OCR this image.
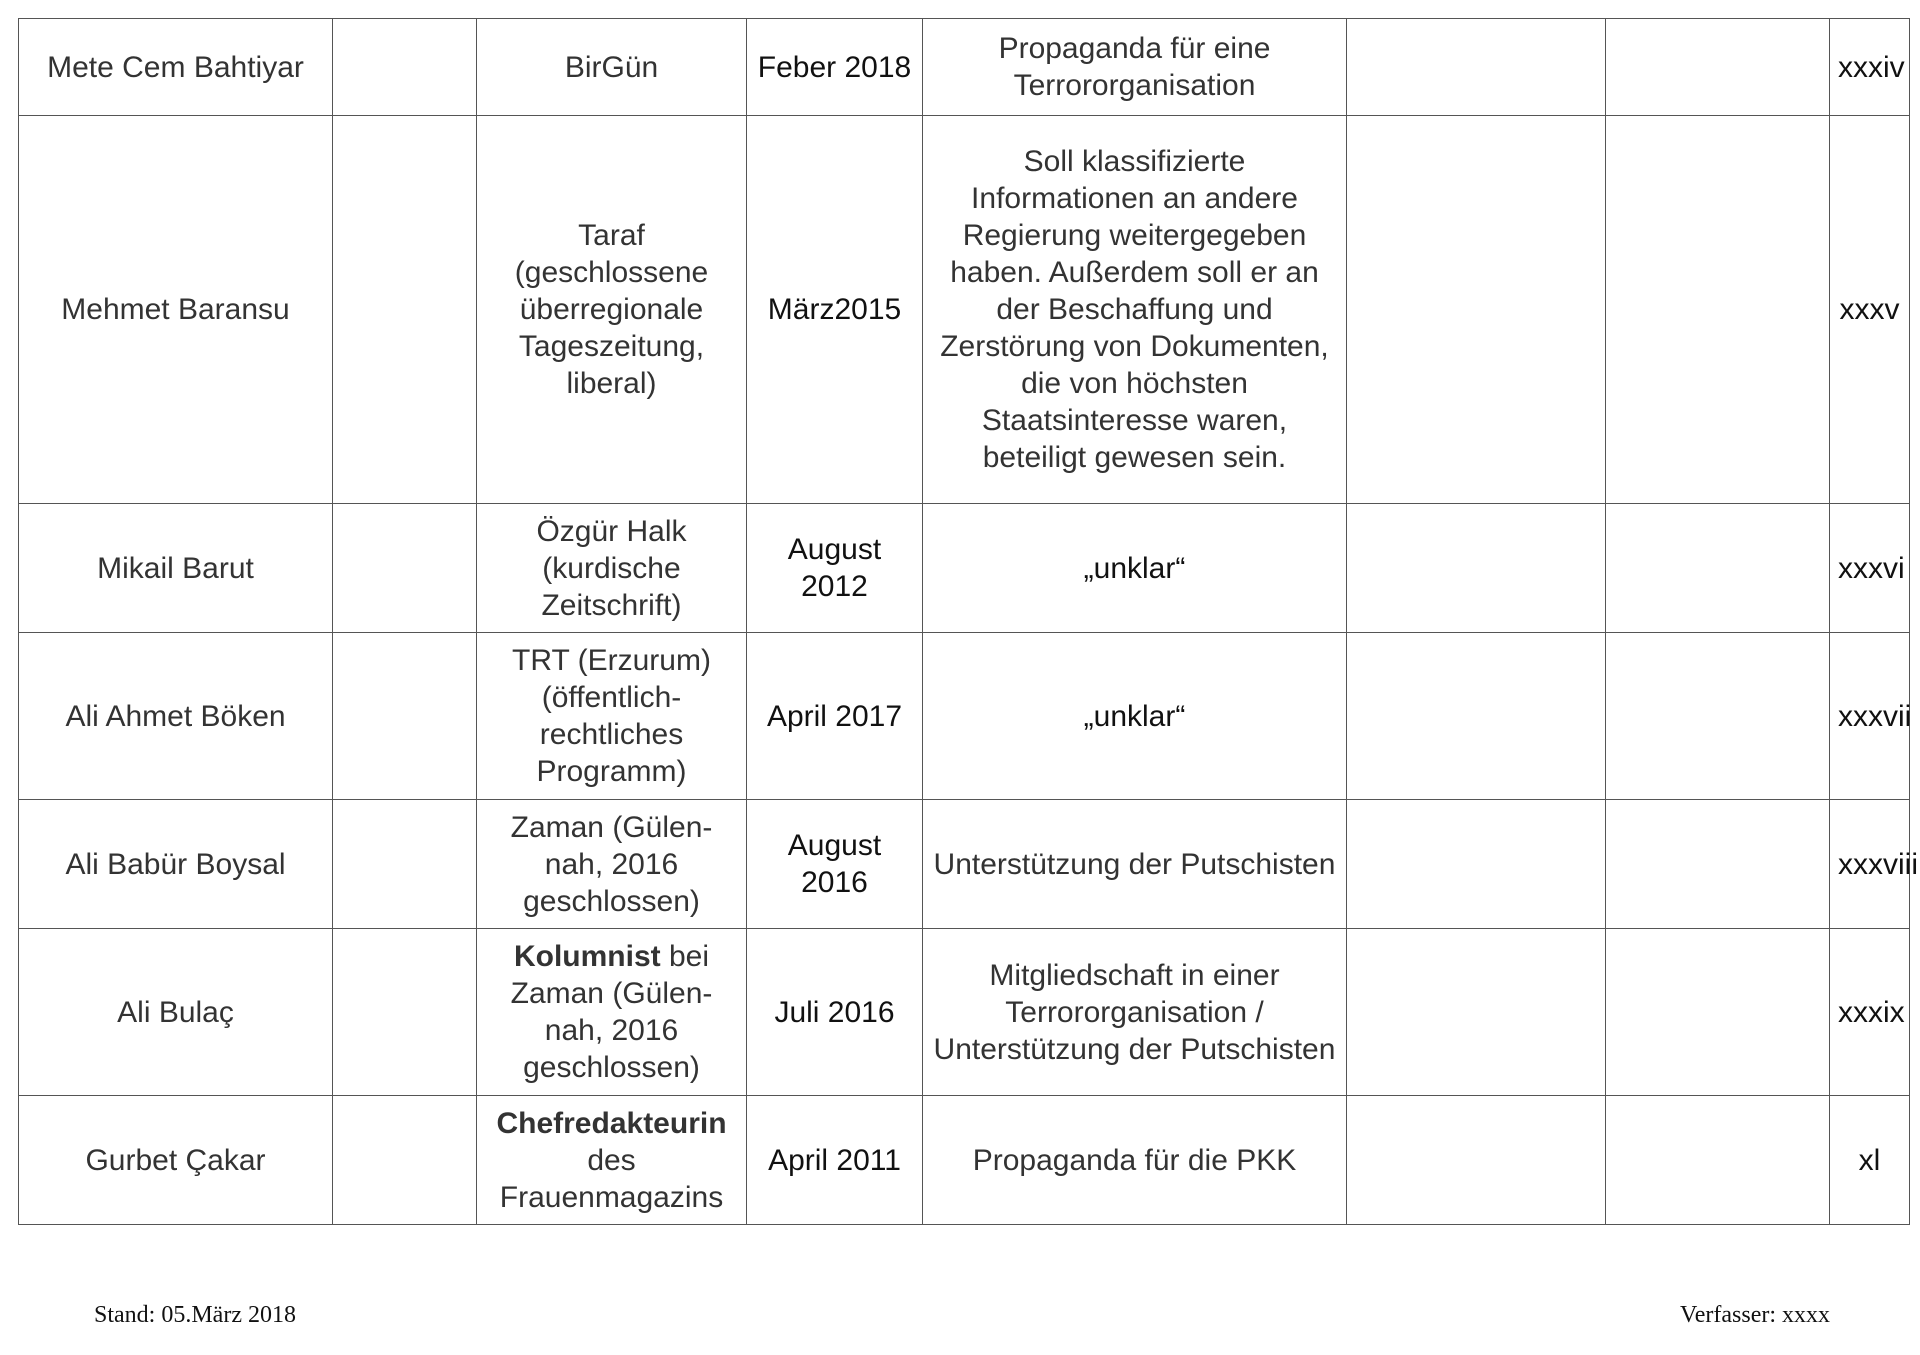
Mete Cem Bahtiyar		BirGün	Feber 2018	Propaganda für eine Terrororganisation			xxxiv
Mehmet Baransu		Taraf (geschlossene überregionale Tageszeitung, liberal)	März2015	Soll klassifizierte Informationen an andere Regierung weitergegeben haben. Außerdem soll er an der Beschaffung und Zerstörung von Dokumenten, die von höchsten Staatsinteresse waren, beteiligt gewesen sein.			xxxv
Mikail Barut		Özgür Halk (kurdische Zeitschrift)	August 2012	„unklar“			xxxvi
Ali Ahmet Böken		TRT (Erzurum) (öffentlich-rechtliches Programm)	April 2017	„unklar“			xxxvii
Ali Babür Boysal		Zaman (Gülen-nah, 2016 geschlossen)	August 2016	Unterstützung der Putschisten			xxxviii
Ali Bulaç		Kolumnist bei Zaman (Gülen-nah, 2016 geschlossen)	Juli 2016	Mitgliedschaft in einer Terrororganisation / Unterstützung der Putschisten			xxxix
Gurbet Çakar		Chefredakteurin des Frauenmagazins	April 2011	Propaganda für die PKK			xl
Stand: 05.März 2018	Verfasser: xxxx
